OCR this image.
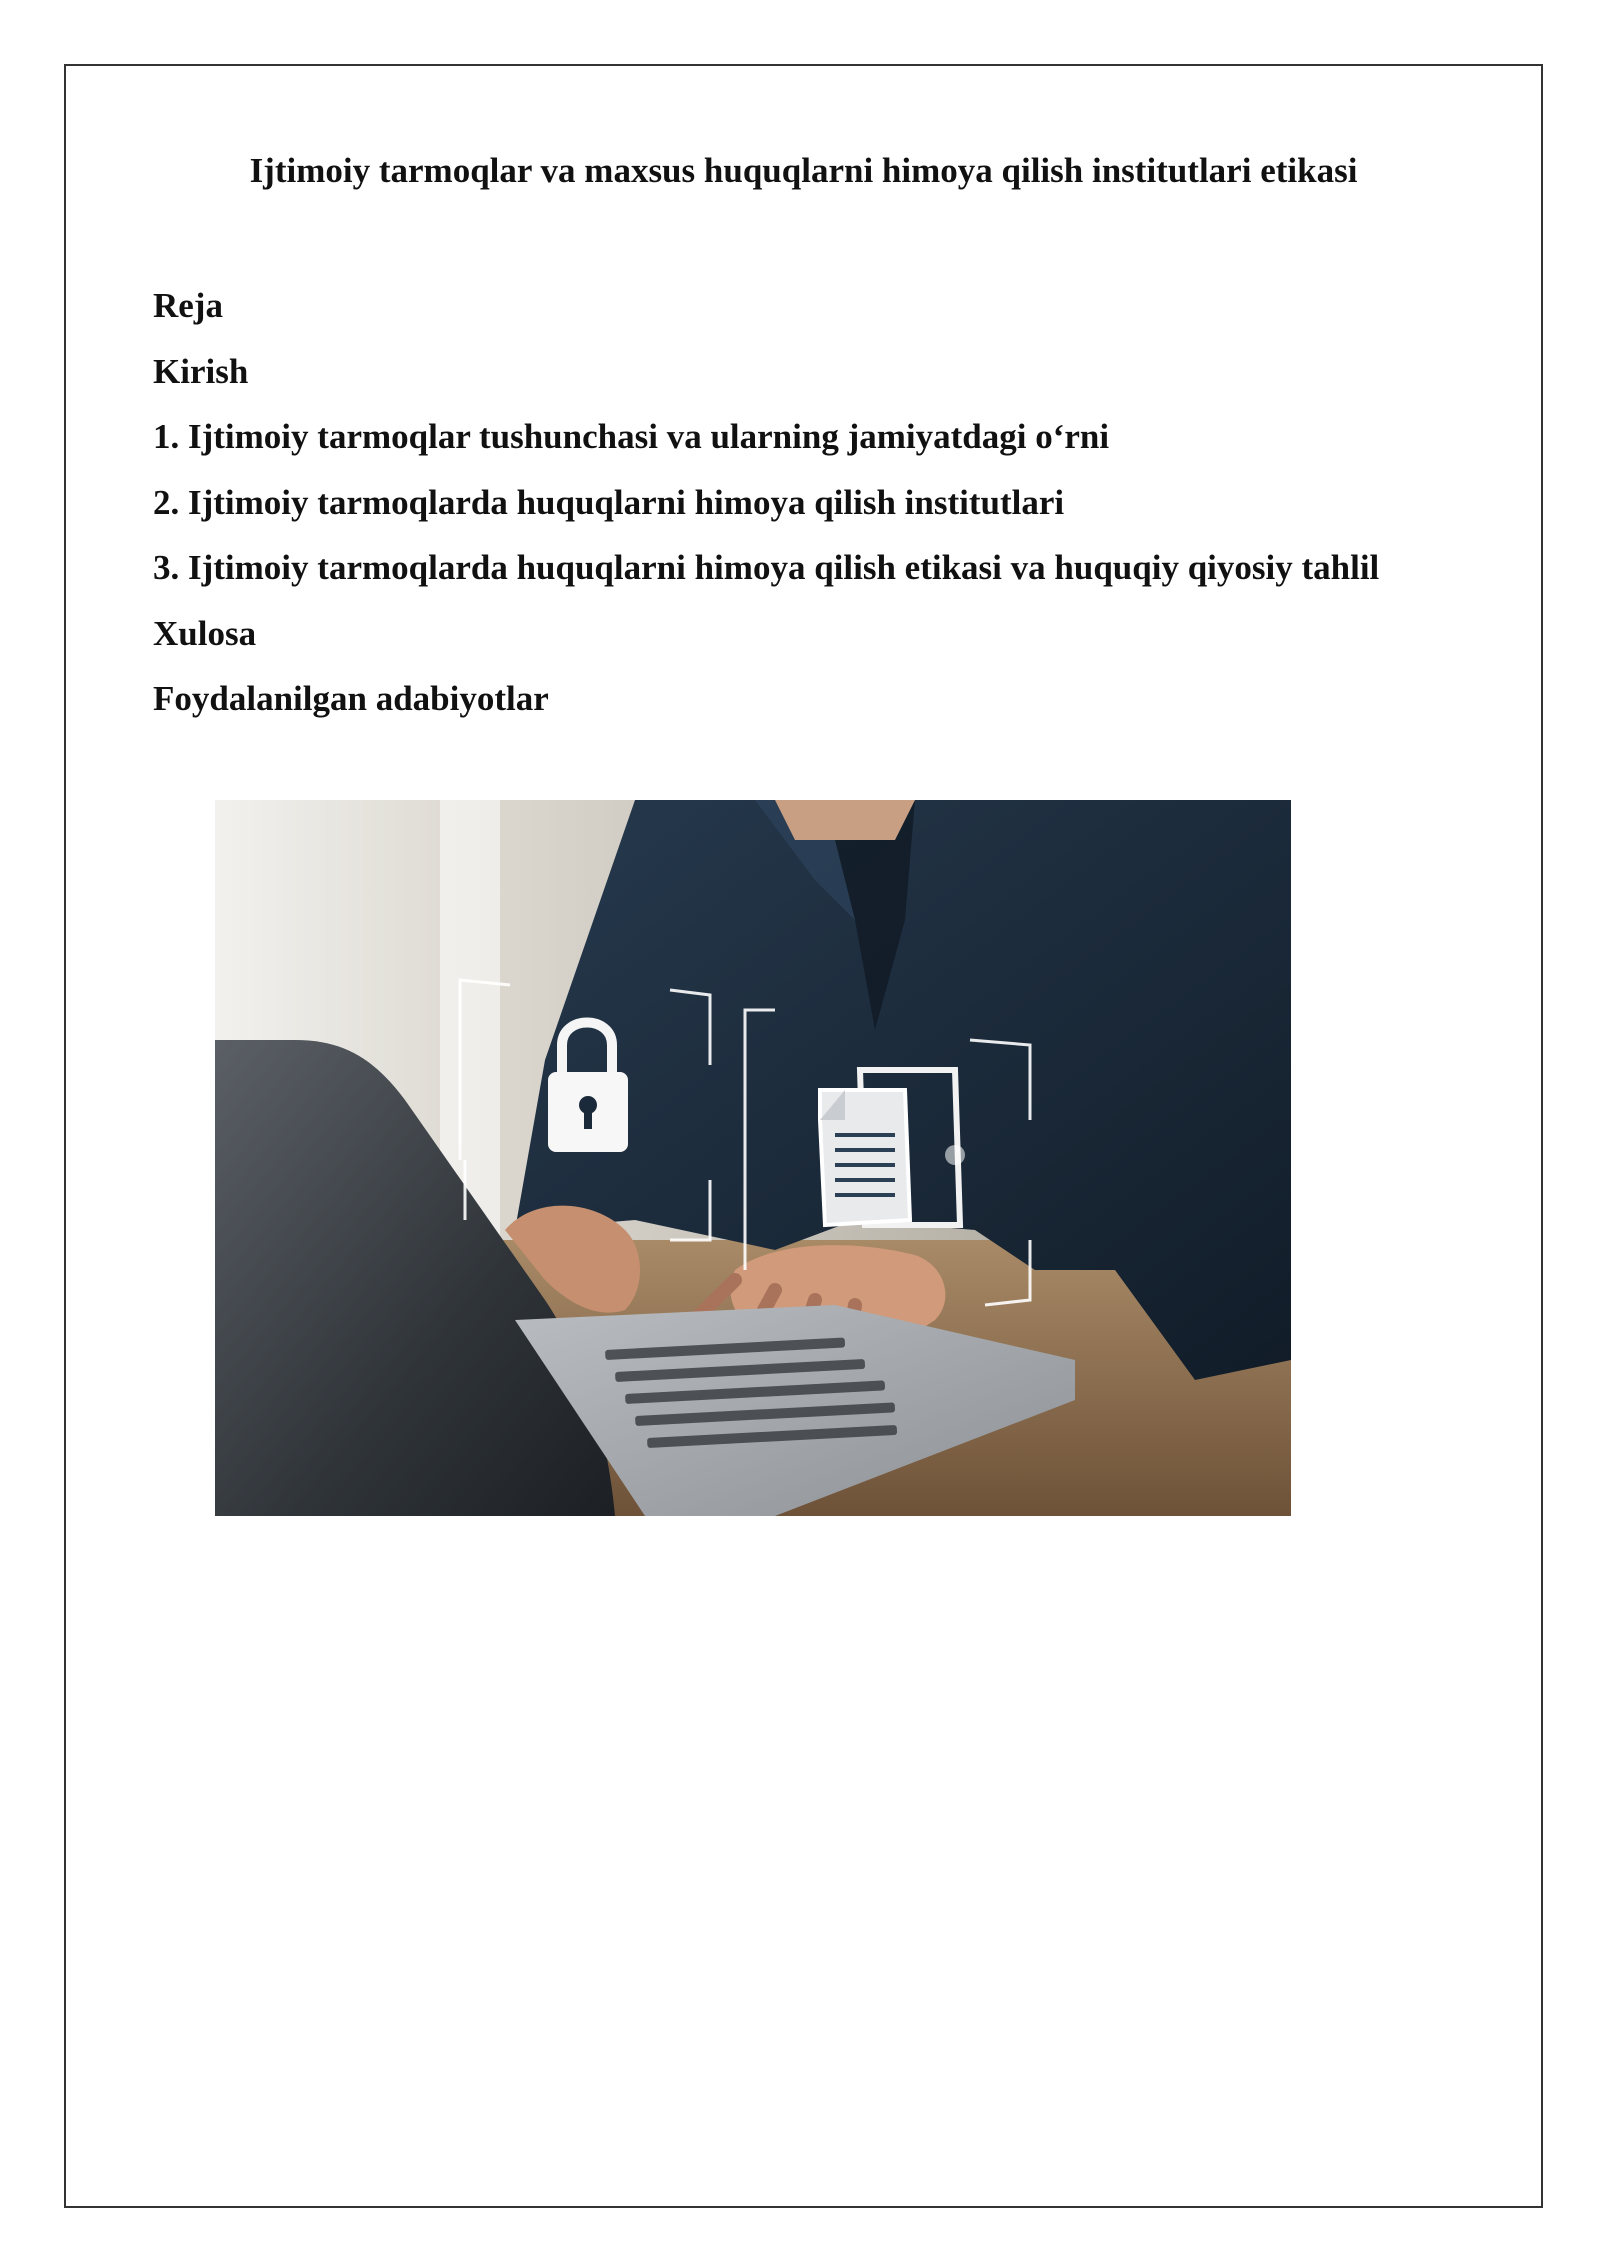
Ijtimoiy tarmoqlar va maxsus huquqlarni himoya qilish institutlari etikasi
Reja
Kirish
1. Ijtimoiy tarmoqlar tushunchasi va ularning jamiyatdagi o‘rni
2. Ijtimoiy tarmoqlarda huquqlarni himoya qilish institutlari
3. Ijtimoiy tarmoqlarda huquqlarni himoya qilish etikasi va huquqiy qiyosiy tahlil
Xulosa
Foydalanilgan adabiyotlar
